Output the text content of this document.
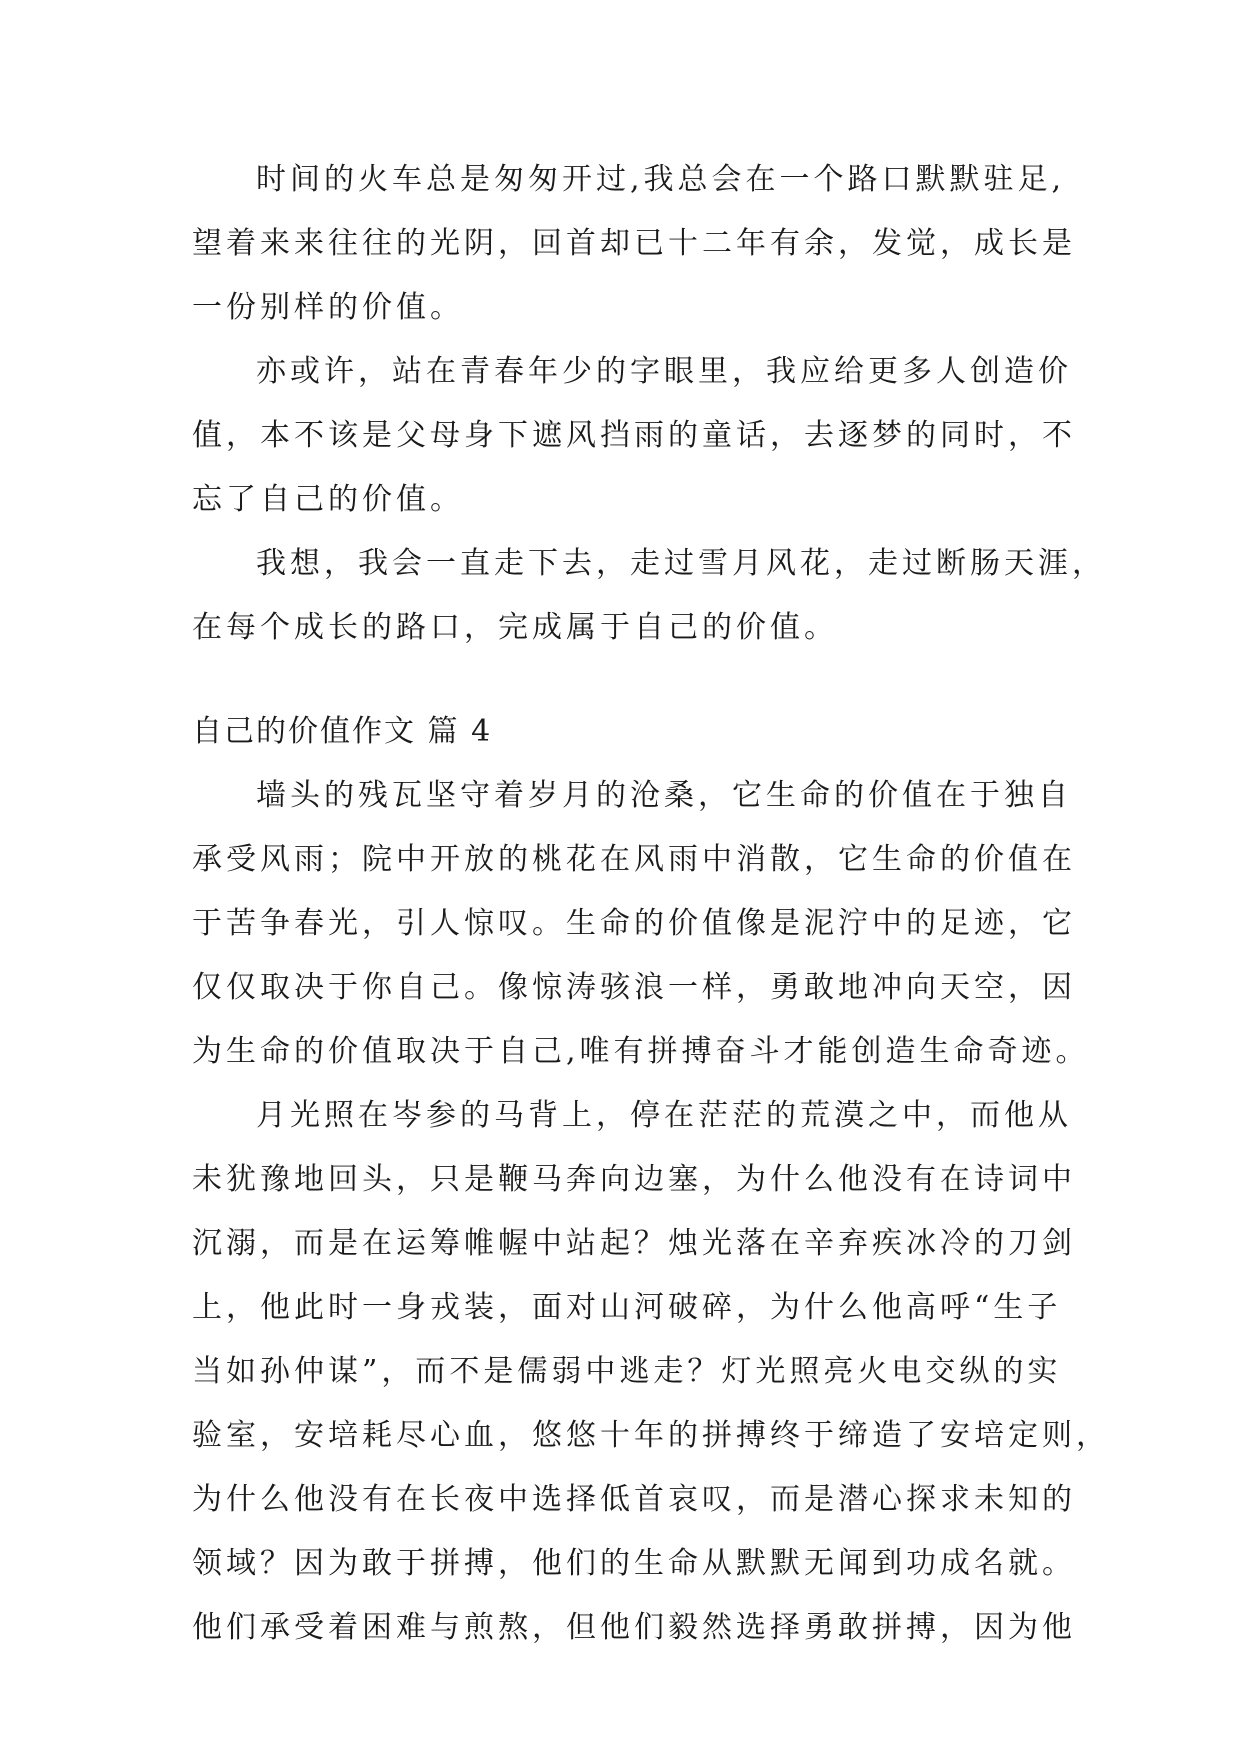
时间的火车总是匆匆开过,我总会在一个路口默默驻足,
望着来来往往的光阴，回首却已十二年有余，发觉，成长是
一份别样的价值。
亦或许，站在青春年少的字眼里，我应给更多人创造价
值，本不该是父母身下遮风挡雨的童话，去逐梦的同时，不
忘了自己的价值。
我想，我会一直走下去，走过雪月风花，走过断肠天涯，
在每个成长的路口，完成属于自己的价值。
自己的价值作文 篇 4
墙头的残瓦坚守着岁月的沧桑，它生命的价值在于独自
承受风雨；院中开放的桃花在风雨中消散，它生命的价值在
于苦争春光，引人惊叹。生命的价值像是泥泞中的足迹，它
仅仅取决于你自己。像惊涛骇浪一样，勇敢地冲向天空，因
为生命的价值取决于自己,唯有拼搏奋斗才能创造生命奇迹。
月光照在岑参的马背上，停在茫茫的荒漠之中，而他从
未犹豫地回头，只是鞭马奔向边塞，为什么他没有在诗词中
沉溺，而是在运筹帷幄中站起？烛光落在辛弃疾冰冷的刀剑
上，他此时一身戎装，面对山河破碎，为什么他高呼“生子
当如孙仲谋”，而不是儒弱中逃走？灯光照亮火电交纵的实
验室，安培耗尽心血，悠悠十年的拼搏终于缔造了安培定则，
为什么他没有在长夜中选择低首哀叹，而是潜心探求未知的
领域？因为敢于拼搏，他们的生命从默默无闻到功成名就。
他们承受着困难与煎熬，但他们毅然选择勇敢拼搏，因为他
